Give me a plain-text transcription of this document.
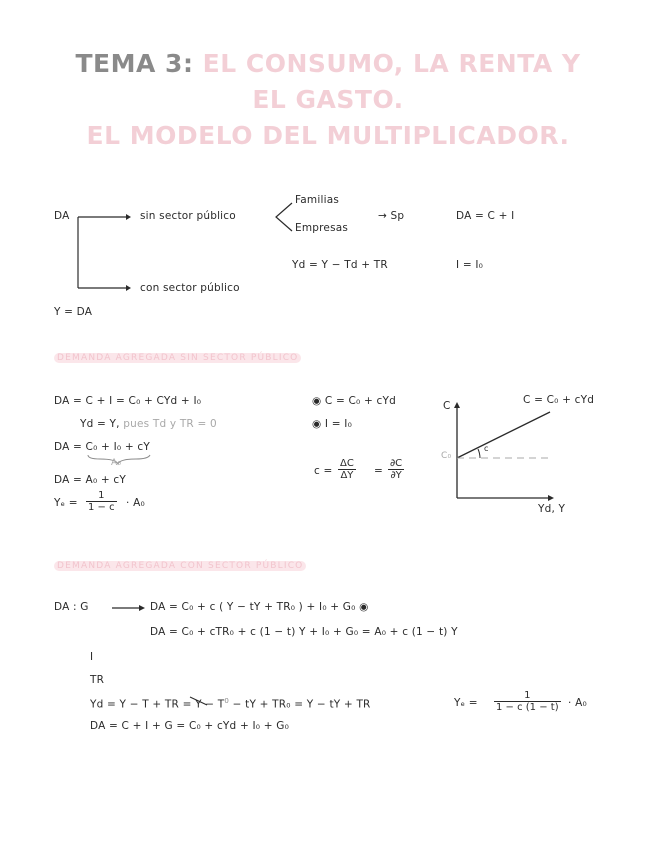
TEMA 3: EL CONSUMO, LA RENTA Y
EL GASTO.
EL MODELO DEL MULTIPLICADOR.
DA	sin sector público
Familias
Empresas
→ Sp	DA = C + I
Yd = Y − Td + TR	I = I₀
con sector público
Y = DA
DEMANDA AGREGADA SIN SECTOR PÚBLICO
DA = C + I = C₀ + CYd + I₀
Yd = Y, pues Td y TR = 0
DA = C₀ + I₀ + cY
A₀
DA = A₀ + cY
$Y_e = \frac{1}{1 - c} \cdot A_0$
◉ C = C₀ + cYd
◉ I = I₀
$c = \frac{\Delta C}{\Delta Y} = \frac{\partial C}{\partial Y}$
C	C = C₀ + cYd
C₀
c
Yd, Y
DEMANDA AGREGADA CON SECTOR PÚBLICO
DA : G	DA = C₀ + c ( Y − tY + TR₀ ) + I₀ + G₀ ◉
DA = C₀ + cTR₀ + c (1 − t) Y + I₀ + G₀ = A₀ + c (1 − t) Y
I
TR
Yd = Y − T + TR = $Y - T^0$ − tY + TR₀ = Y − tY + TR	$Y_e = \frac{1}{1 - c (1 - t)} \cdot A_0$
DA = C + I + G = C₀ + cYd + I₀ + G₀
